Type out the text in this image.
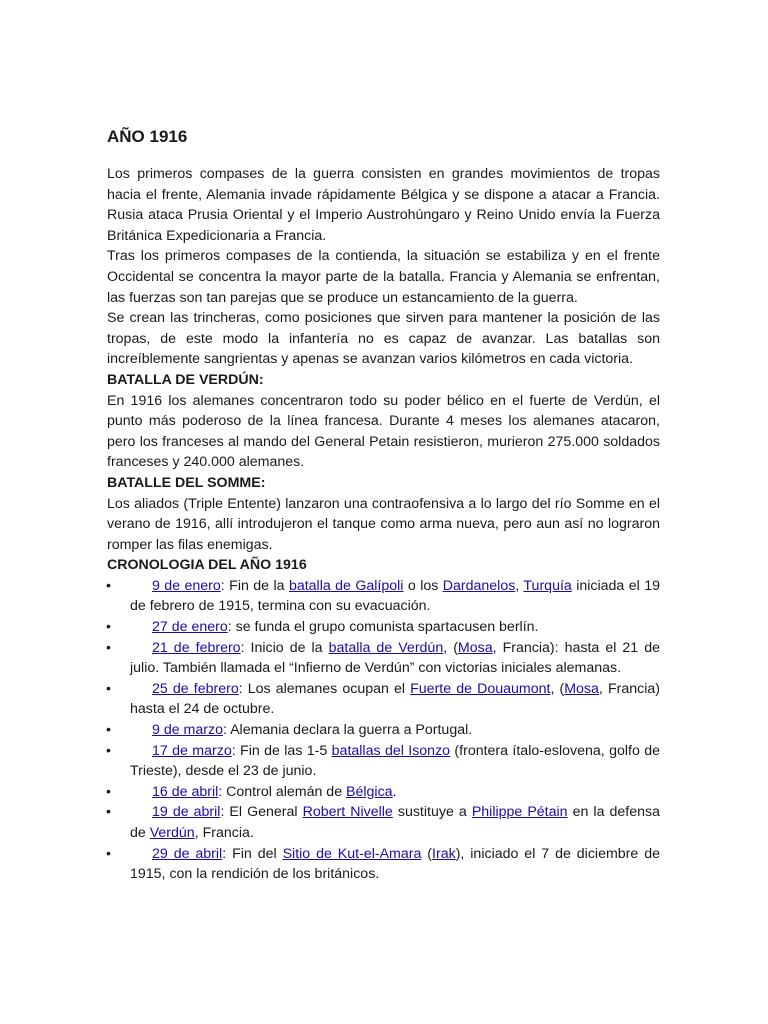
AÑO 1916

Los primeros compases de la guerra consisten en grandes movimientos de tropas hacia el frente, Alemania invade rápidamente Bélgica y se dispone a atacar a Francia. Rusia ataca Prusia Oriental y el Imperio Austrohúngaro y Reino Unido envía la Fuerza Británica Expedicionaria a Francia.

Tras los primeros compases de la contienda, la situación se estabiliza y en el frente Occidental se concentra la mayor parte de la batalla. Francia y Alemania se enfrentan, las fuerzas son tan parejas que se produce un estancamiento de la guerra.

Se crean las trincheras, como posiciones que sirven para mantener la posición de las tropas, de este modo la infantería no es capaz de avanzar. Las batallas son increíblemente sangrientas y apenas se avanzan varios kilómetros en cada victoria.

BATALLA DE VERDÚN:

En 1916 los alemanes concentraron todo su poder bélico en el fuerte de Verdún, el punto más poderoso de la línea francesa. Durante 4 meses los alemanes atacaron, pero los franceses al mando del General Petain resistieron, murieron 275.000 soldados franceses y 240.000 alemanes.

BATALLE DEL SOMME:

Los aliados (Triple Entente) lanzaron una contraofensiva a lo largo del río Somme en el verano de 1916, allí introdujeron el tanque como arma nueva, pero aun así no lograron romper las filas enemigas.

CRONOLOGIA DEL AÑO 1916
•	9 de enero: Fin de la batalla de Galípoli o los Dardanelos, Turquía iniciada el 19 de febrero de 1915, termina con su evacuación.
•	27 de enero: se funda el grupo comunista spartacusen berlín.
•	21 de febrero: Inicio de la batalla de Verdún, (Mosa, Francia): hasta el 21 de julio. También llamada el “Infierno de Verdún” con victorias iniciales alemanas.
•	25 de febrero: Los alemanes ocupan el Fuerte de Douaumont, (Mosa, Francia) hasta el 24 de octubre.
•	9 de marzo: Alemania declara la guerra a Portugal.
•	17 de marzo: Fin de las 1-5 batallas del Isonzo (frontera ítalo-eslovena, golfo de Trieste), desde el 23 de junio.
•	16 de abril: Control alemán de Bélgica.
•	19 de abril: El General Robert Nivelle sustituye a Philippe Pétain en la defensa de Verdún, Francia.
•	29 de abril: Fin del Sitio de Kut-el-Amara (Irak), iniciado el 7 de diciembre de 1915, con la rendición de los británicos.
